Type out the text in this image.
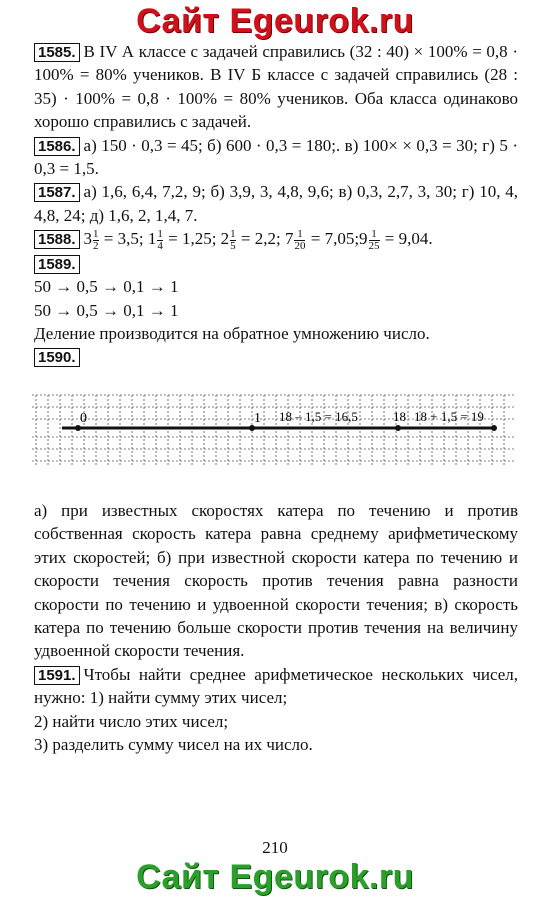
Сайт Egeurok.ru

1585. В IV А классе с задачей справились (32 : 40) × 100% = 0,8 · 100% = 80% учеников. В IV Б классе с задачей справились (28 : 35) · 100% = 0,8 · 100% = 80% учеников. Оба класса одинаково хорошо справились с задачей.

1586. а) 150 · 0,3 = 45; б) 600 · 0,3 = 180;. в) 100× × 0,3 = 30; г) 5 · 0,3 = 1,5.

1587. а) 1,6, 6,4, 7,2, 9; б) 3,9, 3, 4,8, 9,6; в) 0,3, 2,7, 3, 30; г) 10, 4, 4,8, 24; д) 1,6, 2, 1,4, 7.

1588. $3 \frac{1}{2} = 3,5$; $1 \frac{1}{4} = 1,25$; $2 \frac{1}{5} = 2,2$; $7 \frac{1}{20}$ = 7,05;9 $\frac{1}{25} = 9,04$.

1589.
50 → 0,5 → 0,1 → 1
50 → 0,5 → 0,1 → 1
Деление производится на обратное умножению число.

1590.

0	1 18 – 1,5 = 16,5	18 18 + 1,5 = 19

а) при известных скоростях катера по течению и против собственная скорость катера равна среднему арифметическому этих скоростей; б) при известной скорости катера по течению и скорости течения скорость против течения равна разности скорости по течению и удвоенной скорости течения; в) скорость катера по течению больше скорости против течения на величину удвоенной скорости течения.

1591. Чтобы найти среднее арифметическое нескольких чисел, нужно: 1) найти сумму этих чисел;

2) найти число этих чисел;

3) разделить сумму чисел на их число.

210
Сайт Egeurok.ru
